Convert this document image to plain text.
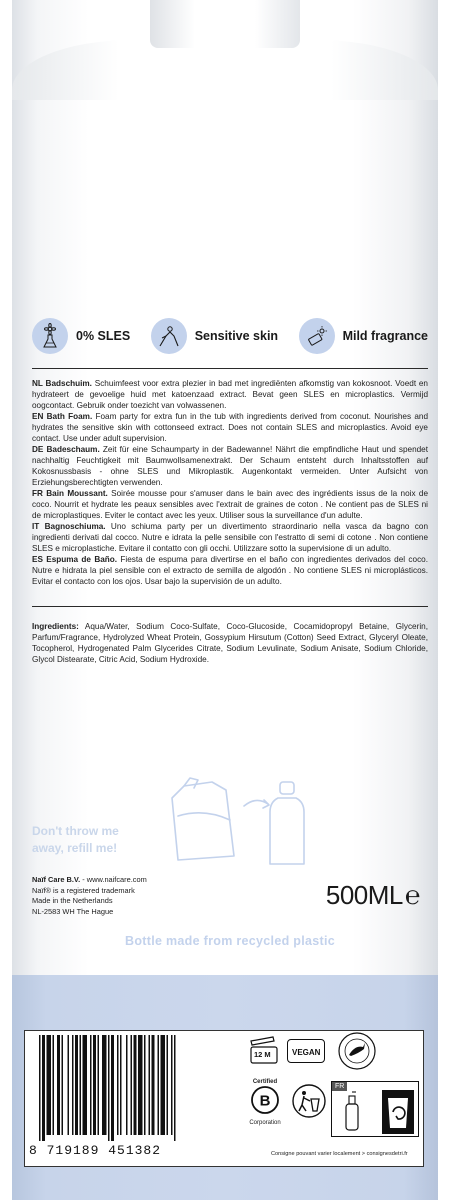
0% SLES	Sensitive skin	Mild fragrance

NL Badschuim. Schuimfeest voor extra plezier in bad met ingrediënten afkomstig van kokosnoot. Voedt en hydrateert de gevoelige huid met katoenzaad extract. Bevat geen SLES en microplastics. Vermijd oogcontact. Gebruik onder toezicht van volwassenen.

EN Bath Foam. Foam party for extra fun in the tub with ingredients derived from coconut. Nourishes and hydrates the sensitive skin with cottonseed extract. Does not contain SLES and microplastics. Avoid eye contact. Use under adult supervision.

DE Badeschaum. Zeit für eine Schaumparty in der Badewanne! Nährt die empfindliche Haut und spendet nachhaltig Feuchtigkeit mit Baumwollsamenextrakt. Der Schaum entsteht durch Inhaltsstoffen auf Kokosnussbasis - ohne SLES und Mikroplastik. Augenkontakt vermeiden. Unter Aufsicht von Erziehungsberechtigten verwenden.

FR Bain Moussant. Soirée mousse pour s'amuser dans le bain avec des ingrédients issus de la noix de coco. Nourrit et hydrate les peaux sensibles avec l'extrait de graines de coton . Ne contient pas de SLES ni de microplastiques. Eviter le contact avec les yeux. Utiliser sous la surveillance d'un adulte.

IT Bagnoschiuma. Uno schiuma party per un divertimento straordinario nella vasca da bagno con ingredienti derivati dal cocco. Nutre e idrata la pelle sensibile con l'estratto di semi di cotone . Non contiene SLES e microplastiche. Evitare il contatto con gli occhi. Utilizzare sotto la supervisione di un adulto.

ES Espuma de Baño. Fiesta de espuma para divertirse en el baño con ingredientes derivados del coco. Nutre e hidrata la piel sensible con el extracto de semilla de algodón . No contiene SLES ni microplásticos. Evitar el contacto con los ojos. Usar bajo la supervisión de un adulto.

Ingredients: Aqua/Water, Sodium Coco-Sulfate, Coco-Glucoside, Cocamidopropyl Betaine, Glycerin, Parfum/Fragrance, Hydrolyzed Wheat Protein, Gossypium Hirsutum (Cotton) Seed Extract, Glyceryl Oleate, Tocopherol, Hydrogenated Palm Glycerides Citrate, Sodium Levulinate, Sodium Anisate, Sodium Chloride, Glycol Distearate, Citric Acid, Sodium Hydroxide.
Don't throw me
away, refill me!
Naïf Care B.V. - www.naifcare.com
Naïf® is a registered trademark
Made in the Netherlands
NL-2583 WH The Hague
500ML ℮
Bottle made from recycled plastic
8 719189 451382
12 M	VEGAN
Certified
B
Corporation
FR
Consigne pouvant varier localement > consignesdetri.fr
